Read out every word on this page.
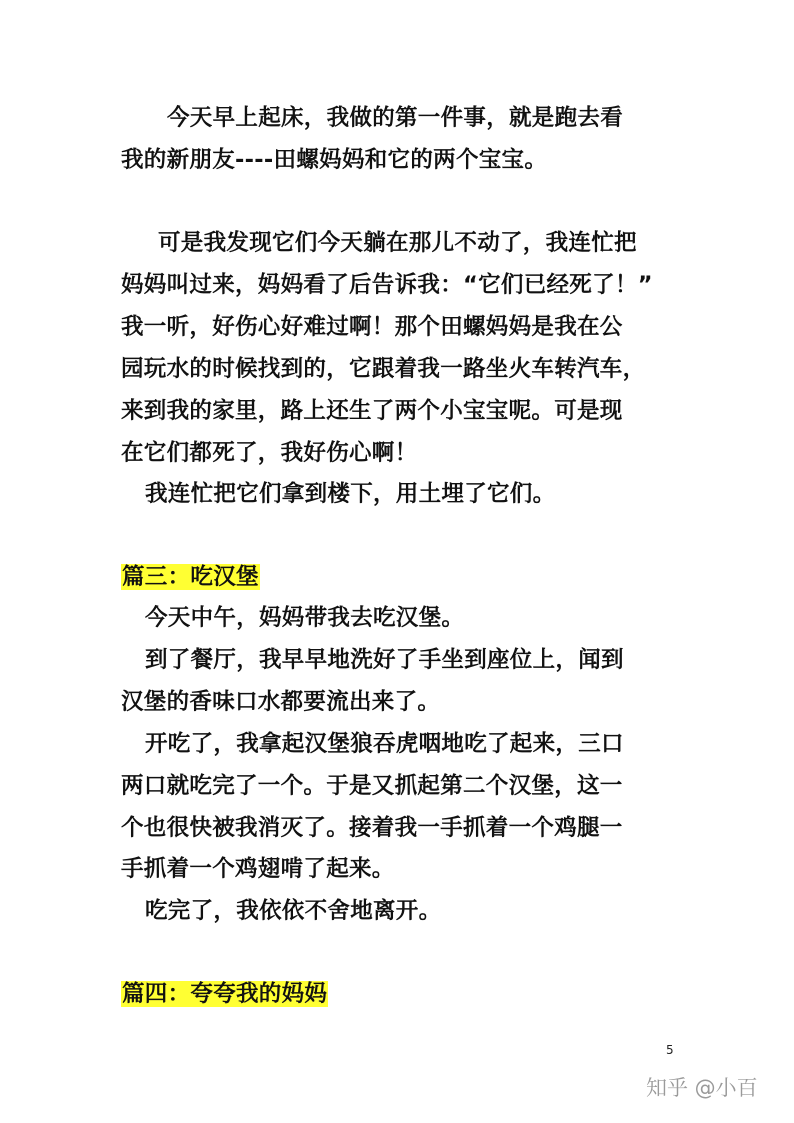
今天早上起床，我做的第一件事，就是跑去看
我的新朋友----田螺妈妈和它的两个宝宝。
可是我发现它们今天躺在那儿不动了，我连忙把
妈妈叫过来，妈妈看了后告诉我：“它们已经死了！”
我一听，好伤心好难过啊！那个田螺妈妈是我在公
园玩水的时候找到的，它跟着我一路坐火车转汽车，
来到我的家里，路上还生了两个小宝宝呢。可是现
在它们都死了，我好伤心啊！
我连忙把它们拿到楼下，用土埋了它们。
篇三：吃汉堡
今天中午，妈妈带我去吃汉堡。
到了餐厅，我早早地洗好了手坐到座位上，闻到
汉堡的香味口水都要流出来了。
开吃了，我拿起汉堡狼吞虎咽地吃了起来，三口
两口就吃完了一个。于是又抓起第二个汉堡，这一
个也很快被我消灭了。接着我一手抓着一个鸡腿一
手抓着一个鸡翅啃了起来。
吃完了，我依依不舍地离开。
篇四：夸夸我的妈妈
5
知乎 @小百
